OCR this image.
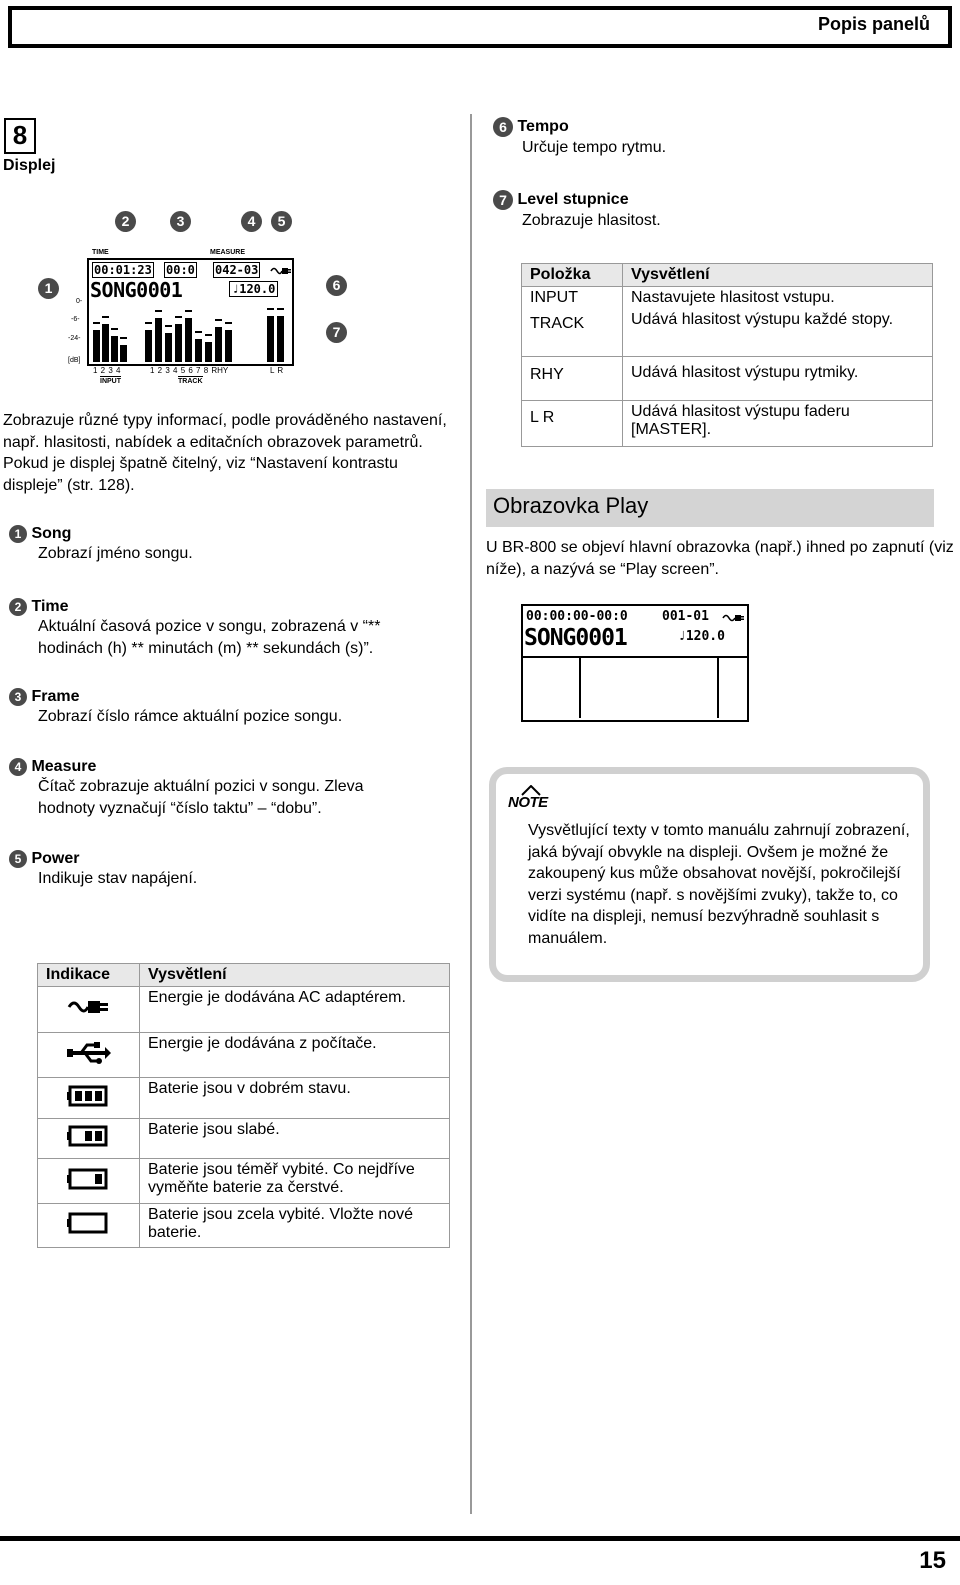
Popis panelů
8
Displej
1
2	3	4	5
6
7
TIME	MEASURE
00:01:23 00:0 042-03
SONG0001	♩120.0
0-
-6-
-24-
[dB]
1 2 3 4	1 2 3 4 5 6 7 8 RHY	L R
INPUT	TRACK
Zobrazuje různé typy informací, podle prováděného nastavení, např. hlasitosti, nabídek a editačních obrazovek parametrů. Pokud je displej špatně čitelný, viz “Nastavení kontrastu displeje” (str. 128).
1 Song
Zobrazí jméno songu.
2 Time
Aktuální časová pozice v songu, zobrazená v “** hodinách (h) ** minutách (m) ** sekundách (s)”.
3 Frame
Zobrazí číslo rámce aktuální pozice songu.
4 Measure
Čítač zobrazuje aktuální pozici v songu. Zleva hodnoty vyznačují “číslo taktu” – “dobu”.
5 Power
Indikuje stav napájení.
Indikace	Vysvětlení
	Energie je dodávána AC adaptérem.
	Energie je dodávána z počítače.
	Baterie jsou v dobrém stavu.
	Baterie jsou slabé.
	Baterie jsou téměř vybité. Co nejdříve vyměňte baterie za čerstvé.
	Baterie jsou zcela vybité. Vložte nové baterie.
6 Tempo
Určuje tempo rytmu.
7 Level stupnice
Zobrazuje hlasitost.
Položka	Vysvětlení
INPUT	Nastavujete hlasitost vstupu.
TRACK	Udává hlasitost výstupu každé stopy.
RHY	Udává hlasitost výstupu rytmiky.
L R	Udává hlasitost výstupu faderu [MASTER].
Obrazovka Play
U BR-800 se objeví hlavní obrazovka (např.) ihned po zapnutí (viz níže), a nazývá se “Play screen”.
00:00:00-00:0	001-01
SONG0001	♩120.0
NOTE
Vysvětlující texty v tomto manuálu zahrnují zobrazení, jaká bývají obvykle na displeji. Ovšem je možné že zakoupený kus může obsahovat novější, pokročilejší verzi systému (např. s novějšími zvuky), takže to, co vidíte na displeji, nemusí bezvýhradně souhlasit s manuálem.
15
